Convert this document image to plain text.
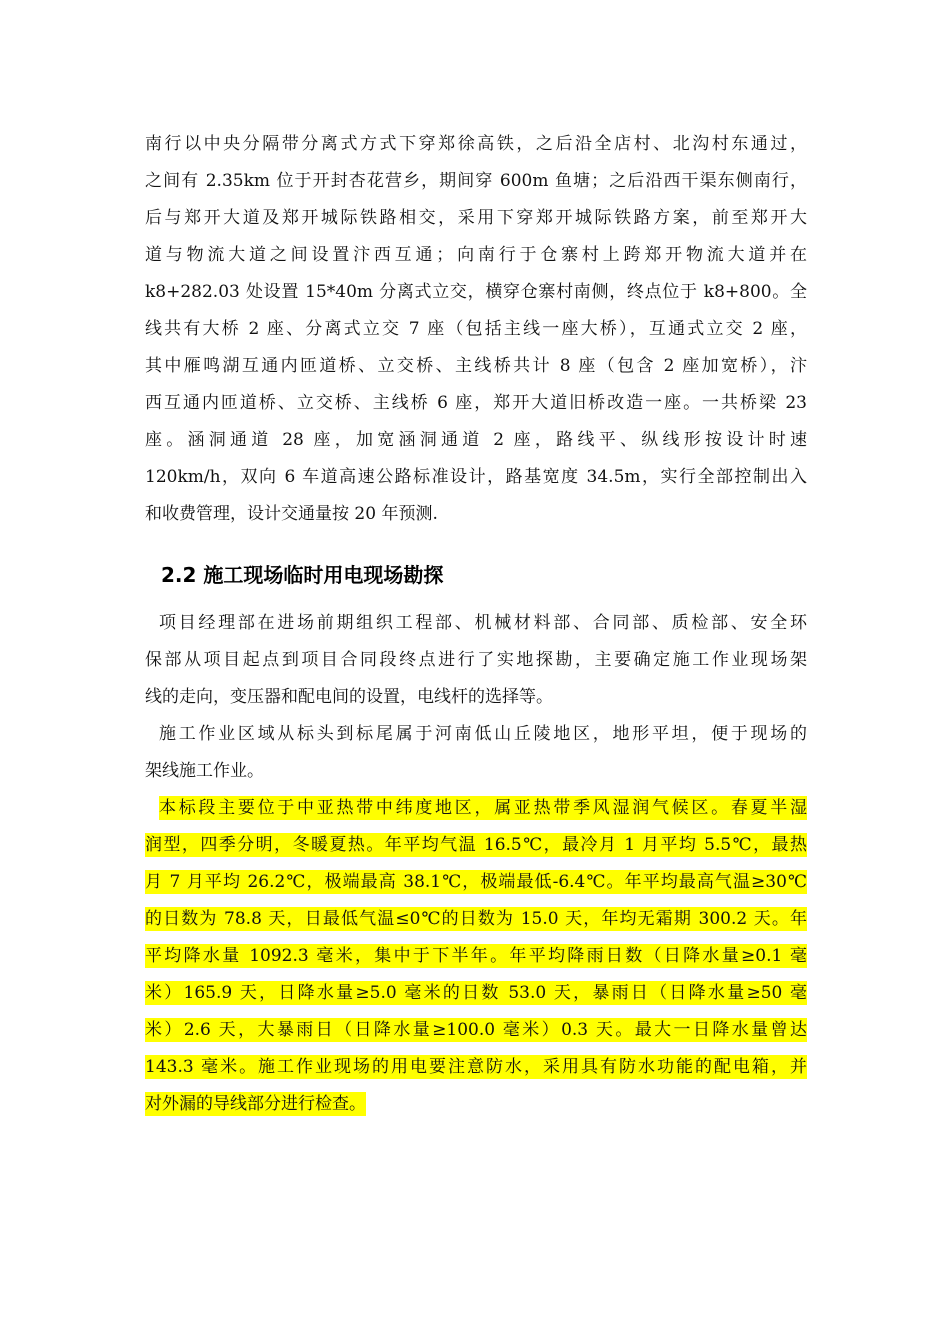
南行以中央分隔带分离式方式下穿郑徐高铁，之后沿全店村、北沟村东通过，
之间有 2.35km 位于开封杏花营乡，期间穿 600m 鱼塘；之后沿西干渠东侧南行，
后与郑开大道及郑开城际铁路相交，采用下穿郑开城际铁路方案，前至郑开大
道与物流大道之间设置汴西互通；向南行于仓寨村上跨郑开物流大道并在
k8+282.03 处设置 15*40m 分离式立交，横穿仓寨村南侧，终点位于 k8+800。全
线共有大桥 2 座、分离式立交 7 座（包括主线一座大桥），互通式立交 2 座，
其中雁鸣湖互通内匝道桥、立交桥、主线桥共计 8 座（包含 2 座加宽桥），汴
西互通内匝道桥、立交桥、主线桥 6 座，郑开大道旧桥改造一座。一共桥梁 23
座。涵洞通道 28 座，加宽涵洞通道 2 座，路线平、纵线形按设计时速
120km/h，双向 6 车道高速公路标准设计，路基宽度 34.5m，实行全部控制出入
和收费管理，设计交通量按 20 年预测.
2.2 施工现场临时用电现场勘探
项目经理部在进场前期组织工程部、机械材料部、合同部、质检部、安全环
保部从项目起点到项目合同段终点进行了实地探勘，主要确定施工作业现场架
线的走向，变压器和配电间的设置，电线杆的选择等。
施工作业区域从标头到标尾属于河南低山丘陵地区，地形平坦，便于现场的
架线施工作业。
本标段主要位于中亚热带中纬度地区，属亚热带季风湿润气候区。春夏半湿
润型，四季分明，冬暖夏热。年平均气温 16.5℃，最冷月 1 月平均 5.5℃，最热
月 7 月平均 26.2℃，极端最高 38.1℃，极端最低-6.4℃。年平均最高气温≥30℃
的日数为 78.8 天，日最低气温≤0℃的日数为 15.0 天，年均无霜期 300.2 天。年
平均降水量 1092.3 毫米，集中于下半年。年平均降雨日数（日降水量≥0.1 毫
米）165.9 天，日降水量≥5.0 毫米的日数 53.0 天，暴雨日（日降水量≥50 毫
米）2.6 天，大暴雨日（日降水量≥100.0 毫米）0.3 天。最大一日降水量曾达
143.3 毫米。施工作业现场的用电要注意防水，采用具有防水功能的配电箱，并
对外漏的导线部分进行检查。
